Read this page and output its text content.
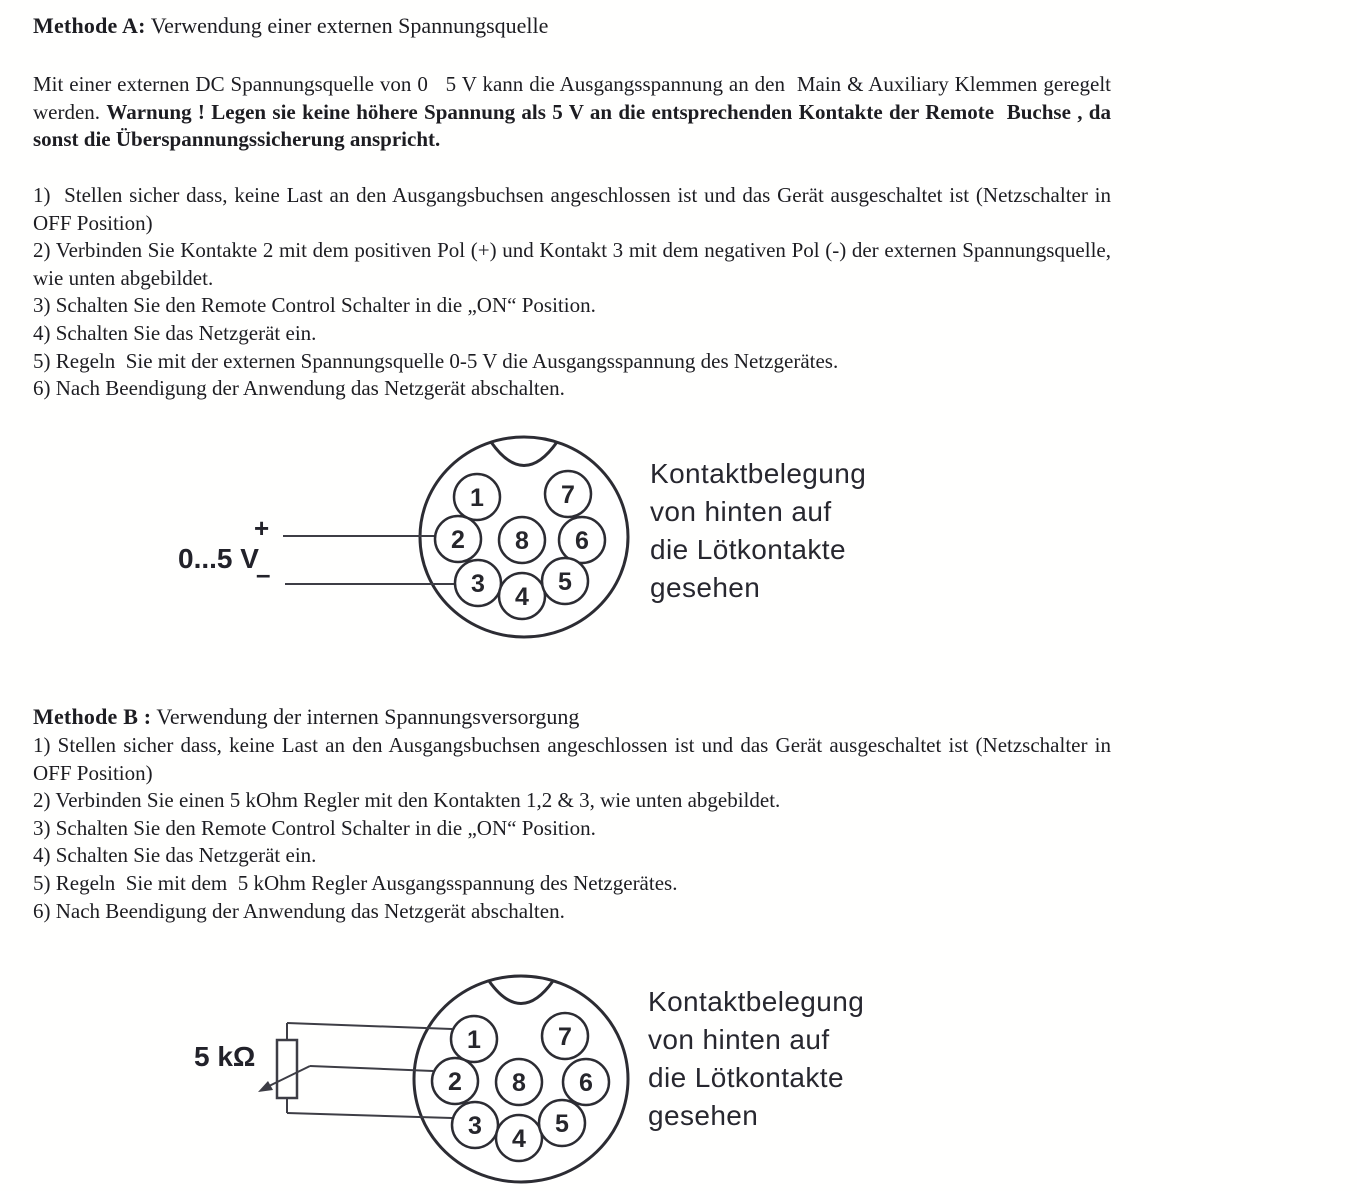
Methode A: Verwendung einer externen Spannungsquelle
Mit einer externen DC Spannungsquelle von 0   5 V kann die Ausgangsspannung an den  Main & Auxiliary Klemmen geregelt werden. Warnung ! Legen sie keine höhere Spannung als 5 V an die entsprechenden Kontakte der Remote  Buchse , da sonst die Überspannungssicherung anspricht.
1)  Stellen sicher dass, keine Last an den Ausgangsbuchsen angeschlossen ist und das Gerät ausgeschaltet ist (Netzschalter in OFF Position)
2) Verbinden Sie Kontakte 2 mit dem positiven Pol (+) und Kontakt 3 mit dem negativen Pol (-) der externen Spannungsquelle, wie unten abgebildet.
3) Schalten Sie den Remote Control Schalter in die „ON“ Position.
4) Schalten Sie das Netzgerät ein.
5) Regeln  Sie mit der externen Spannungsquelle 0-5 V die Ausgangsspannung des Netzgerätes.
6) Nach Beendigung der Anwendung das Netzgerät abschalten.
0...5 V
+
–
1	7
2 8 6
3 4
5
Kontaktbelegung
von hinten auf
die Lötkontakte
gesehen
Methode B : Verwendung der internen Spannungsversorgung
1) Stellen sicher dass, keine Last an den Ausgangsbuchsen angeschlossen ist und das Gerät ausgeschaltet ist (Netzschalter in OFF Position)
2) Verbinden Sie einen 5 kOhm Regler mit den Kontakten 1,2 & 3, wie unten abgebildet.
3) Schalten Sie den Remote Control Schalter in die „ON“ Position.
4) Schalten Sie das Netzgerät ein.
5) Regeln  Sie mit dem  5 kOhm Regler Ausgangsspannung des Netzgerätes.
6) Nach Beendigung der Anwendung das Netzgerät abschalten.
5 kΩ
1	7
2 8 6
3 4
5
Kontaktbelegung
von hinten auf
die Lötkontakte
gesehen
